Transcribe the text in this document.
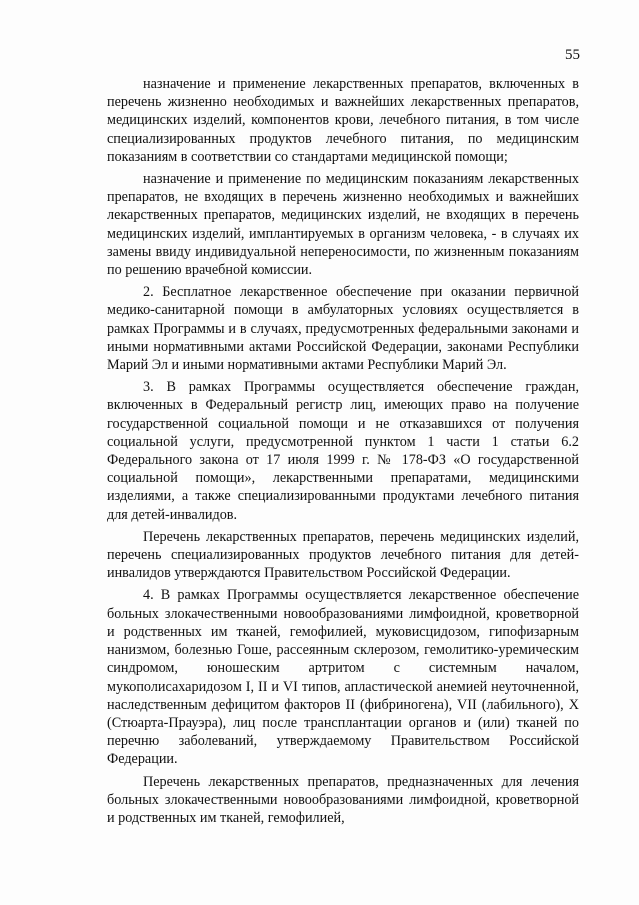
55

назначение и применение лекарственных препаратов, включенных в перечень жизненно необходимых и важнейших лекарственных препаратов, медицинских изделий, компонентов крови, лечебного питания, в том числе специализированных продуктов лечебного питания, по медицинским показаниям в соответствии со стандартами медицинской помощи;

назначение и применение по медицинским показаниям лекарственных препаратов, не входящих в перечень жизненно необходимых и важнейших лекарственных препаратов, медицинских изделий, не входящих в перечень медицинских изделий, имплантируемых в организм человека, - в случаях их замены ввиду индивидуальной непереносимости, по жизненным показаниям по решению врачебной комиссии.

2. Бесплатное лекарственное обеспечение при оказании первичной медико-санитарной помощи в амбулаторных условиях осуществляется в рамках Программы и в случаях, предусмотренных федеральными законами и иными нормативными актами Российской Федерации, законами Республики Марий Эл и иными нормативными актами Республики Марий Эл.

3. В рамках Программы осуществляется обеспечение граждан, включенных в Федеральный регистр лиц, имеющих право на получение государственной социальной помощи и не отказавшихся от получения социальной услуги, предусмотренной пунктом 1 части 1 статьи 6.2 Федерального закона от 17 июля 1999 г. № 178-ФЗ «О государственной социальной помощи», лекарственными препаратами, медицинскими изделиями, а также специализированными продуктами лечебного питания для детей-инвалидов.

Перечень лекарственных препаратов, перечень медицинских изделий, перечень специализированных продуктов лечебного питания для детей-инвалидов утверждаются Правительством Российской Федерации.

4. В рамках Программы осуществляется лекарственное обеспечение больных злокачественными новообразованиями лимфоидной, кроветворной и родственных им тканей, гемофилией, муковисцидозом, гипофизарным нанизмом, болезнью Гоше, рассеянным склерозом, гемолитико-уремическим синдромом, юношеским артритом с системным началом, мукополисахаридозом I, II и VI типов, апластической анемией неуточненной, наследственным дефицитом факторов II (фибриногена), VII (лабильного), Х (Стюарта-Прауэра), лиц после трансплантации органов и (или) тканей по перечню заболеваний, утверждаемому Правительством Российской Федерации.

Перечень лекарственных препаратов, предназначенных для лечения больных злокачественными новообразованиями лимфоидной, кроветворной и родственных им тканей, гемофилией,
